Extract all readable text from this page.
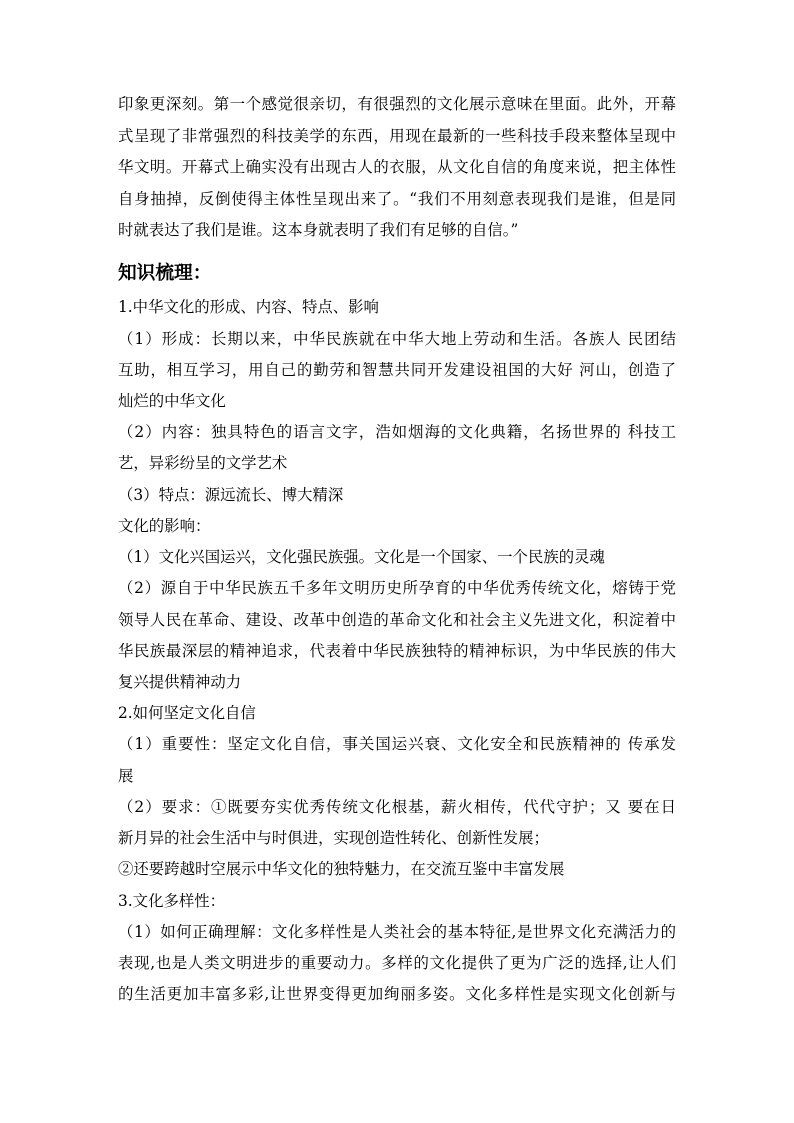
印象更深刻。第一个感觉很亲切，有很强烈的文化展示意味在里面。此外，开幕
式呈现了非常强烈的科技美学的东西，用现在最新的一些科技手段来整体呈现中
华文明。开幕式上确实没有出现古人的衣服，从文化自信的角度来说，把主体性
自身抽掉，反倒使得主体性呈现出来了。“我们不用刻意表现我们是谁，但是同
时就表达了我们是谁。这本身就表明了我们有足够的自信。”
知识梳理：
1.中华文化的形成、内容、特点、影响
（1）形成：长期以来，中华民族就在中华大地上劳动和生活。各族人 民团结
互助，相互学习，用自己的勤劳和智慧共同开发建设祖国的大好 河山，创造了
灿烂的中华文化
（2）内容：独具特色的语言文字，浩如烟海的文化典籍，名扬世界的 科技工
艺，异彩纷呈的文学艺术
（3）特点：源远流长、博大精深
文化的影响：
（1）文化兴国运兴，文化强民族强。文化是一个国家、一个民族的灵魂
（2）源自于中华民族五千多年文明历史所孕育的中华优秀传统文化，熔铸于党
领导人民在革命、建设、改革中创造的革命文化和社会主义先进文化，积淀着中
华民族最深层的精神追求，代表着中华民族独特的精神标识，为中华民族的伟大
复兴提供精神动力
2.如何坚定文化自信
（1）重要性：坚定文化自信，事关国运兴衰、文化安全和民族精神的 传承发
展
（2）要求：①既要夯实优秀传统文化根基，薪火相传，代代守护；又 要在日
新月异的社会生活中与时俱进，实现创造性转化、创新性发展；
②还要跨越时空展示中华文化的独特魅力，在交流互鉴中丰富发展
3.文化多样性：
（1）如何正确理解：文化多样性是人类社会的基本特征,是世界文化充满活力的
表现,也是人类文明进步的重要动力。多样的文化提供了更为广泛的选择,让人们
的生活更加丰富多彩,让世界变得更加绚丽多姿。文化多样性是实现文化创新与
